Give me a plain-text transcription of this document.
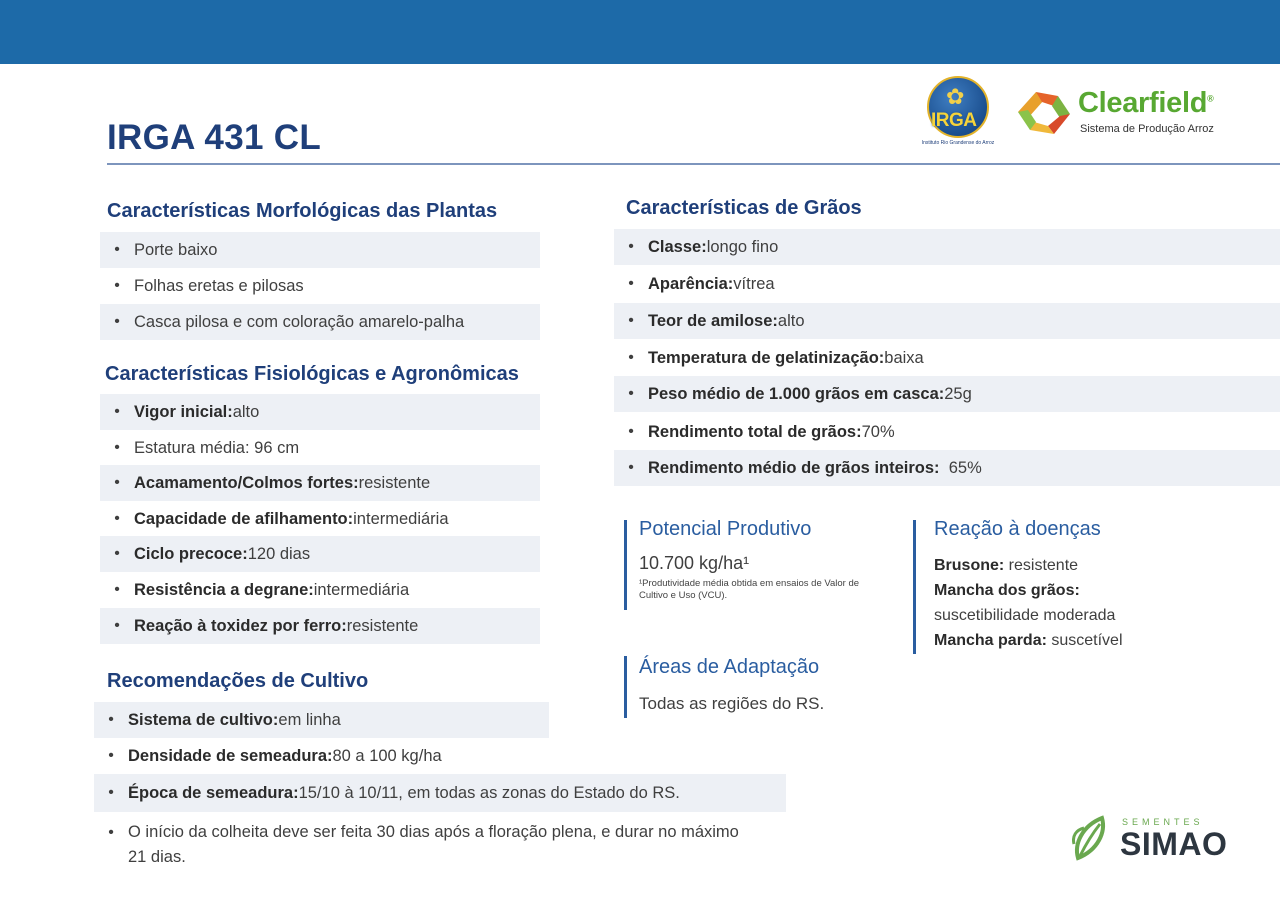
✿
IRGA
Instituto Rio Grandense do Arroz
Clearfield®
Sistema de Produção Arroz
IRGA 431 CL
Características Morfológicas das Plantas
• Porte baixo
• Folhas eretas e pilosas
• Casca pilosa e com coloração amarelo-palha
Características Fisiológicas e Agronômicas
• Vigor inicial: alto
• Estatura média: 96 cm
• Acamamento/Colmos fortes: resistente
• Capacidade de afilhamento: intermediária
• Ciclo precoce: 120 dias
• Resistência a degrane: intermediária
• Reação à toxidez por ferro: resistente
Recomendações de Cultivo
• Sistema de cultivo: em linha
• Densidade de semeadura: 80 a 100 kg/ha
• Época de semeadura: 15/10 à 10/11, em todas as zonas do Estado do RS.
• O início da colheita deve ser feita 30 dias após a floração plena, e durar no máximo 21 dias.
Características de Grãos
• Classe: longo fino
• Aparência: vítrea
• Teor de amilose: alto
• Temperatura de gelatinização: baixa
• Peso médio de 1.000 grãos em casca: 25g
• Rendimento total de grãos: 70%
• Rendimento médio de grãos inteiros: 65%
Potencial Produtivo
10.700 kg/ha¹
¹Produtividade média obtida em ensaios de Valor de Cultivo e Uso (VCU).
Áreas de Adaptação
Todas as regiões do RS.
Reação à doenças
Brusone: resistente
Mancha dos grãos:
suscetibilidade moderada
Mancha parda: suscetível
SEMENTES
SIMAO
